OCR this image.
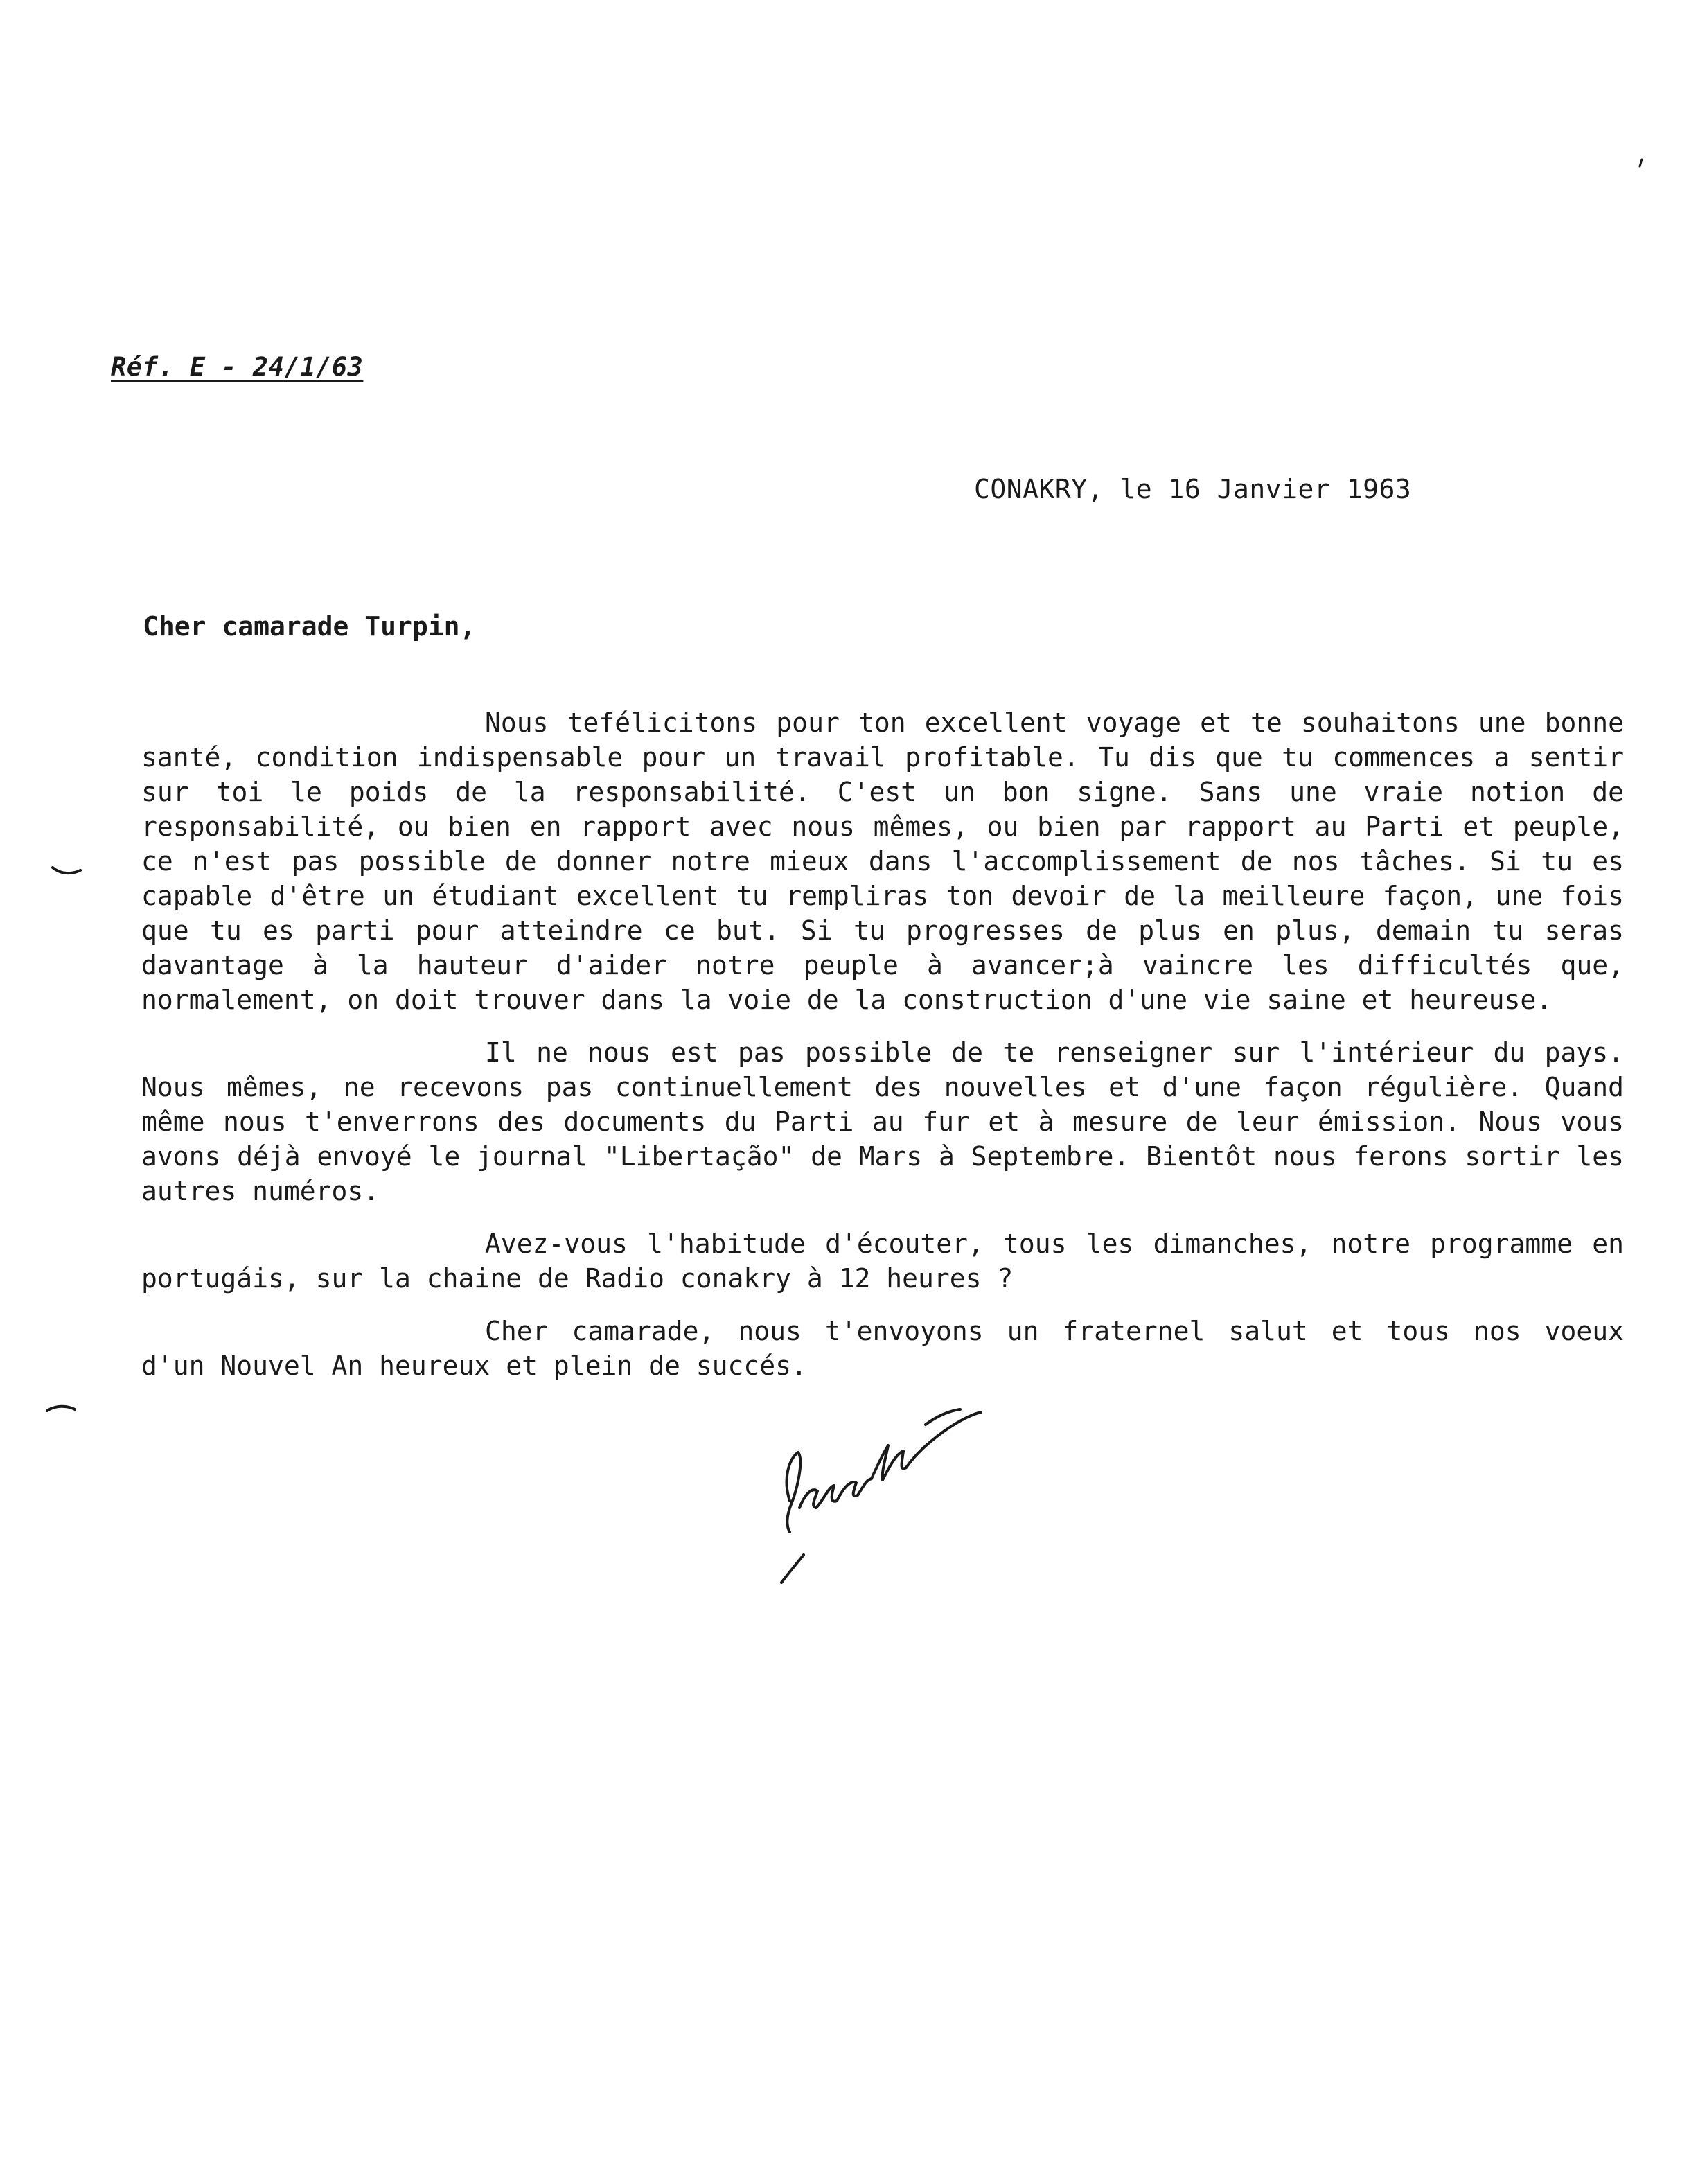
Réf. E - 24/1/63
CONAKRY, le 16 Janvier 1963
Cher camarade Turpin,

Nous tefélicitons pour ton excellent voyage et te souhaitons une bonne santé, condition indispensable pour un travail profitable. Tu dis que tu commences a sentir sur toi le poids de la responsabilité. C'est un bon signe. Sans une vraie notion de responsabilité, ou bien en rapport avec nous mêmes, ou bien par rapport au Parti et peuple, ce n'est pas possible de donner notre mieux dans l'accomplissement de nos tâches. Si tu es capable d'être un étudiant excellent tu rempliras ton devoir de la meilleure façon, une fois que tu es parti pour atteindre ce but. Si tu progresses de plus en plus, demain tu seras davantage à la hauteur d'aider notre peuple à avancer;à vaincre les difficultés que, normalement, on doit trouver dans la voie de la construction d'une vie saine et heureuse.

Il ne nous est pas possible de te renseigner sur l'intérieur du pays. Nous mêmes, ne recevons pas continuellement des nouvelles et d'une façon régulière. Quand même nous t'enverrons des documents du Parti au fur et à mesure de leur émission. Nous vous avons déjà envoyé le journal "Libertação" de Mars à Septembre. Bientôt nous ferons sortir les autres numéros.

Avez-vous l'habitude d'écouter, tous les dimanches, notre programme en portugáis, sur la chaine de Radio conakry à 12 heures ?

Cher camarade, nous t'envoyons un fraternel salut et tous nos voeux d'un Nouvel An heureux et plein de succés.
